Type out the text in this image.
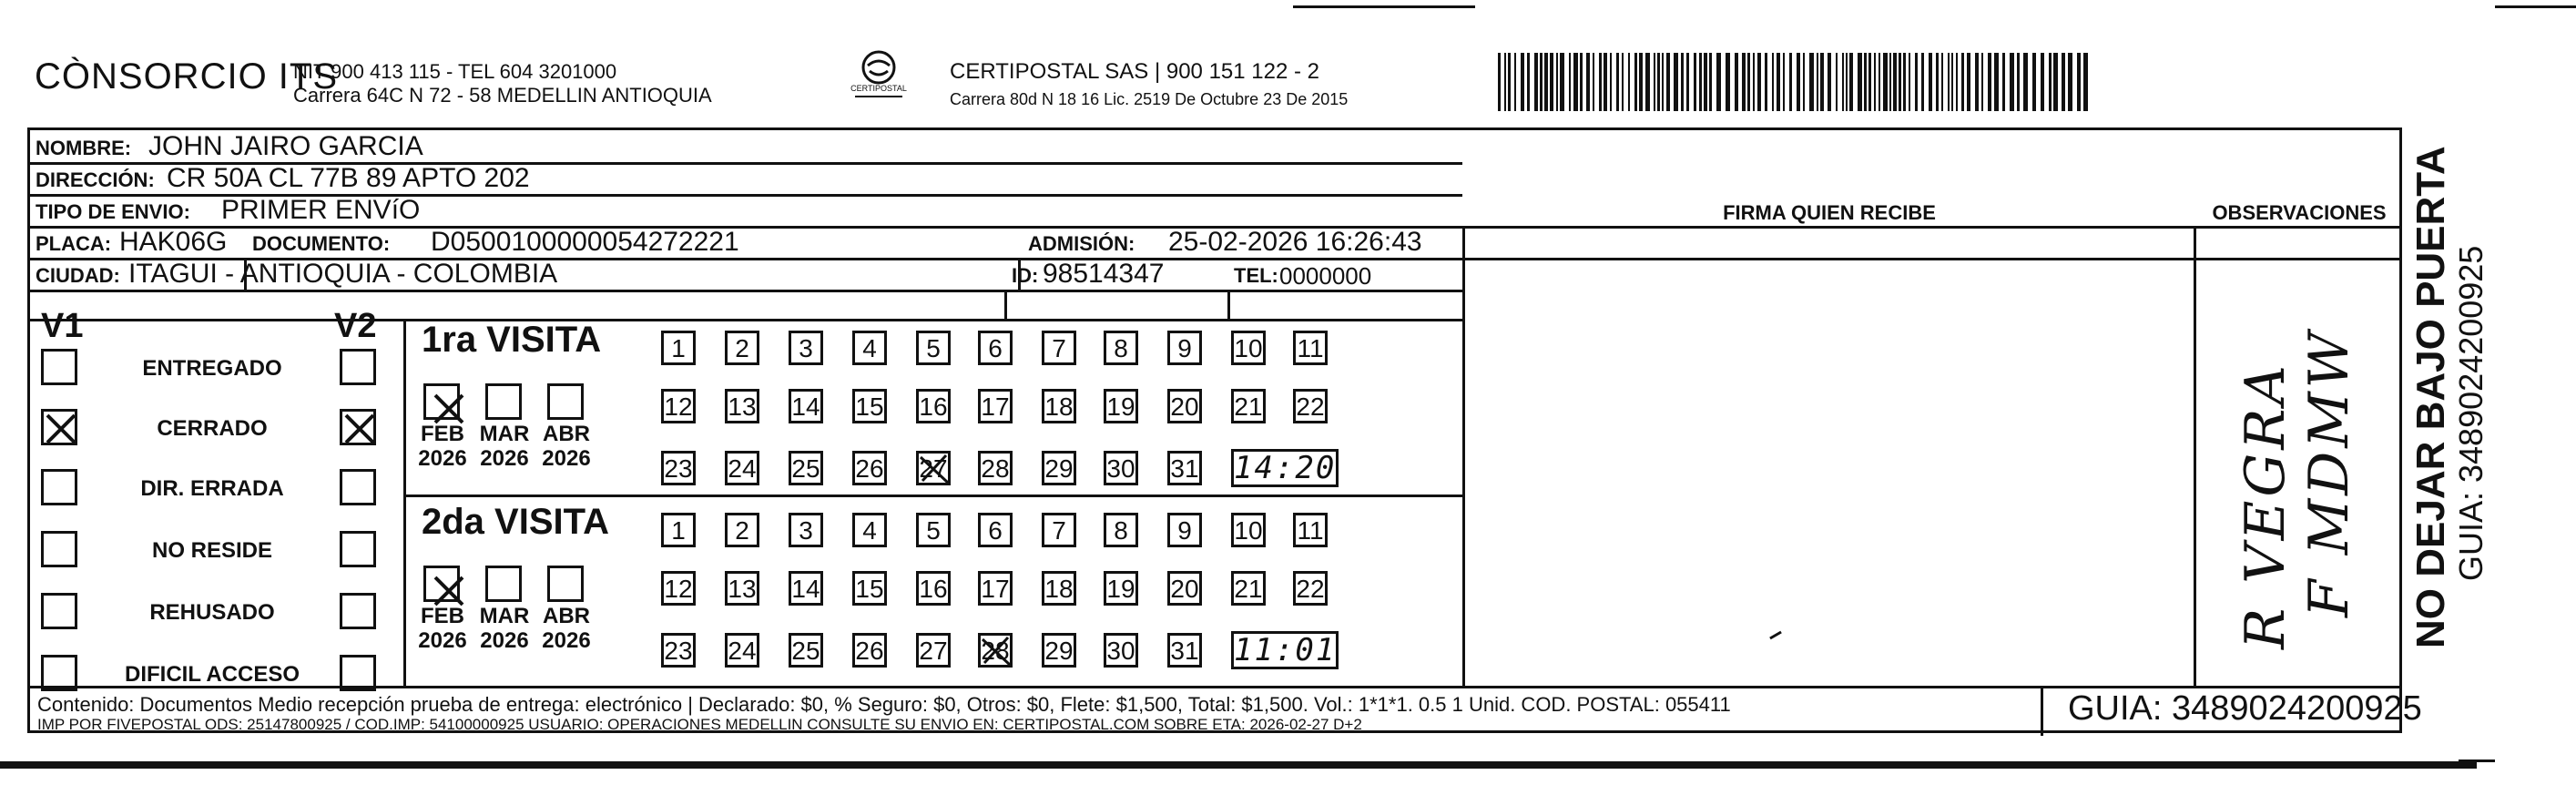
CÒNSORCIO ITS
NIT 900 413 115 - TEL 604 3201000
Carrera 64C N 72 - 58 MEDELLIN ANTIOQUIA	CERTIPOSTAL
CERTIPOSTAL SAS | 900 151 122 - 2
Carrera 80d N 18 16 Lic. 2519 De Octubre 23 De 2015
NOMBRE: JOHN JAIRO GARCIA
DIRECCIÓN: CR 50A CL 77B 89 APTO 202
TIPO DE ENVIO: PRIMER ENVíO	FIRMA QUIEN RECIBE	OBSERVACIONES
PLACA: HAK06G DOCUMENTO: D0500100000054272221	ADMISIÓN: 25-02-2026 16:26:43
CIUDAD: ITAGUI - ANTIOQUIA - COLOMBIA	ID: 98514347	TEL: 0000000
V1	V2
ENTREGADO
CERRADO
DIR. ERRADA
NO RESIDE
REHUSADO
DIFICIL ACCESO
1ra VISITA
FEB
2026
MAR
2026
ABR
2026
1	2	3	4	5	6	7	8	9	10 11
12 13 14 15 16 17 18 19 20 21 22
23 24 25 26 27 28 29 30 31 14:20
2da VISITA
FEB
2026
MAR
2026
ABR
2026
1	2	3	4	5	6	7	8	9	10 11
12 13 14 15 16 17 18 19 20 21 22
23 24 25 26 27 28 29 30 31 11:01
R VEGRA F MDMW
Contenido: Documentos Medio recepción prueba de entrega: electrónico | Declarado: $0, % Seguro: $0, Otros: $0, Flete: $1,500, Total: $1,500. Vol.: 1*1*1. 0.5 1 Unid. COD. POSTAL: 055411
IMP POR FIVEPOSTAL ODS: 25147800925 / COD.IMP: 54100000925 USUARIO: OPERACIONES MEDELLIN CONSULTE SU ENVIO EN: CERTIPOSTAL.COM SOBRE ETA: 2026-02-27 D+2	GUIA: 3489024200925
NO DEJAR BAJO PUERTA GUIA: 3489024200925
